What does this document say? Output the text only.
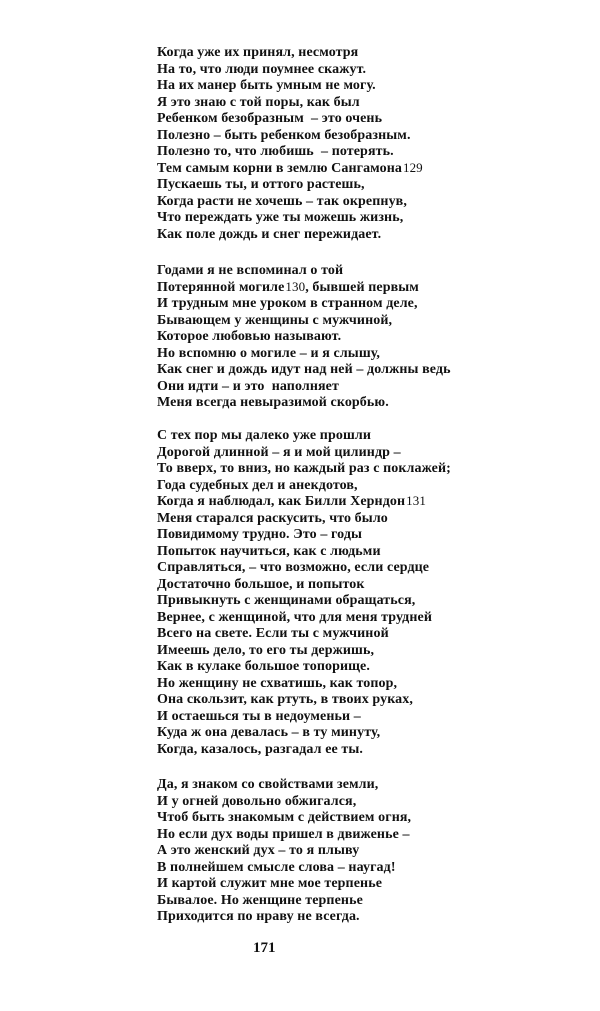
Когда уже их принял, несмотря
На то, что люди поумнее скажут.
На их манер быть умным не могу.
Я это знаю с той поры, как был
Ребенком безобразным  – это очень
Полезно – быть ребенком безобразным.
Полезно то, что любишь  – потерять.
Тем самым корни в землю Сангамона$^{129}$
Пускаешь ты, и оттого растешь,
Когда расти не хочешь – так окрепнув,
Что переждать уже ты можешь жизнь,
Как поле дождь и снег пережидает.
Годами я не вспоминал о той
Потерянной могиле$^{130}$, бывшей первым
И трудным мне уроком в странном деле,
Бывающем у женщины с мужчиной,
Которое любовью называют.
Но вспомню о могиле – и я слышу,
Как снег и дождь идут над ней – должны ведь
Они идти – и это  наполняет
Меня всегда невыразимой скорбью.
С тех пор мы далеко уже прошли
Дорогой длинной – я и мой цилиндр –
То вверх, то вниз, но каждый раз с поклажей;
Года судебных дел и анекдотов,
Когда я наблюдал, как Билли Херндон$^{131}$
Меня старался раскусить, что было
Повидимому трудно. Это – годы
Попыток научиться, как с людьми
Справляться, – что возможно, если сердце
Достаточно большое, и попыток
Привыкнуть с женщинами обращаться,
Вернее, с женщиной, что для меня трудней
Всего на свете. Если ты с мужчиной
Имеешь дело, то его ты держишь,
Как в кулаке большое топорище.
Но женщину не схватишь, как топор,
Она скользит, как ртуть, в твоих руках,
И остаешься ты в недоуменьи –
Куда ж она девалась – в ту минуту,
Когда, казалось, разгадал ее ты.
Да, я знаком со свойствами земли,
И у огней довольно обжигался,
Чтоб быть знакомым с действием огня,
Но если дух воды пришел в движенье –
А это женский дух – то я плыву
В полнейшем смысле слова – наугад!
И картой служит мне мое терпенье
Бывалое. Но женщине терпенье
Приходится по нраву не всегда.
171
